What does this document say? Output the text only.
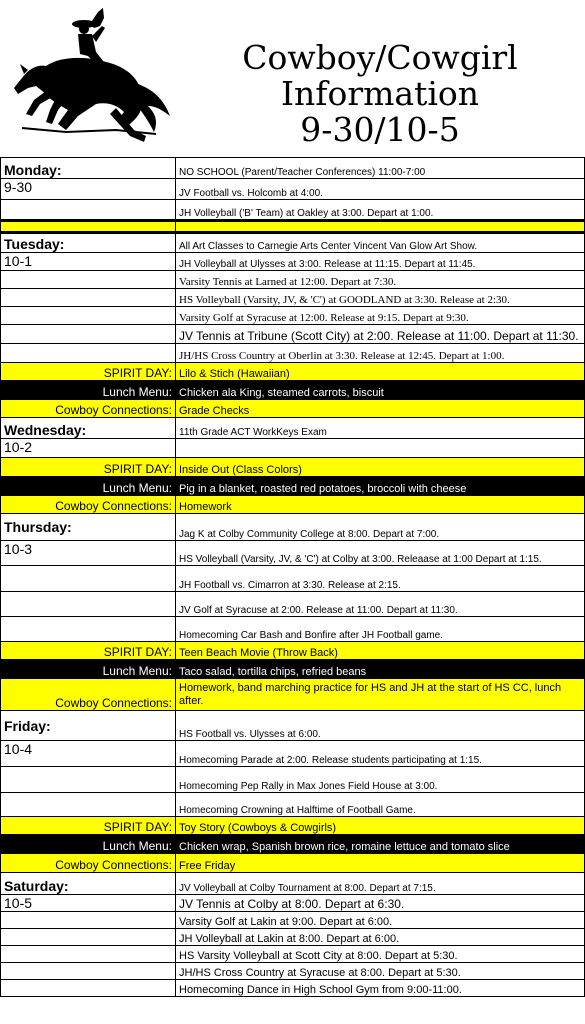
Cowboy/Cowgirl
Information
9-30/10-5
Monday:	NO SCHOOL (Parent/Teacher Conferences) 11:00-7:00
9-30	JV Football vs. Holcomb at 4:00.
	JH Volleyball ('B' Team) at Oakley at 3:00. Depart at 1:00.

Tuesday:	All Art Classes to Carnegie Arts Center Vincent Van Glow Art Show.
10-1	JH Volleyball at Ulysses at 3:00. Release at 11:15. Depart at 11:45.
	Varsity Tennis at Larned at 12:00. Depart at 7:30.
	HS Volleyball (Varsity, JV, & 'C') at GOODLAND at 3:30. Release at 2:30.
	Varsity Golf at Syracuse at 12:00. Release at 9:15. Depart at 9:30.
	JV Tennis at Tribune (Scott City) at 2:00. Release at 11:00. Depart at 11:30.
	JH/HS Cross Country at Oberlin at 3:30. Release at 12:45. Depart at 1:00.
SPIRIT DAY:	Lilo & Stich (Hawaiian)
Lunch Menu:	Chicken ala King, steamed carrots, biscuit
Cowboy Connections:	Grade Checks
Wednesday:	11th Grade ACT WorkKeys Exam
10-2	
SPIRIT DAY:	Inside Out (Class Colors)
Lunch Menu:	Pig in a blanket, roasted red potatoes, broccoli with cheese
Cowboy Connections:	Homework
Thursday:	Jag K at Colby Community College at 8:00. Depart at 7:00.
10-3	HS Volleyball (Varsity, JV, & 'C') at Colby at 3:00. Releaase at 1:00 Depart at 1:15.
	JH Football vs. Cimarron at 3:30. Release at 2:15.
	JV Golf at Syracuse at 2:00. Release at 11:00. Depart at 11:30.
	Homecoming Car Bash and Bonfire after JH Football game.
SPIRIT DAY:	Teen Beach Movie (Throw Back)
Lunch Menu:	Taco salad, tortilla chips, refried beans
Cowboy Connections:	Homework, band marching practice for HS and JH at the start of HS CC, lunch after.
Friday:	HS Football vs. Ulysses at 6:00.
10-4	Homecoming Parade at 2:00. Release students participating at 1:15.
	Homecoming Pep Rally in Max Jones Field House at 3:00.
	Homecoming Crowning at Halftime of Football Game.
SPIRIT DAY:	Toy Story (Cowboys & Cowgirls)
Lunch Menu:	Chicken wrap, Spanish brown rice, romaine lettuce and tomato slice
Cowboy Connections:	Free Friday
Saturday:	JV Volleyball at Colby Tournament at 8:00. Depart at 7:15.
10-5	JV Tennis at Colby at 8:00. Depart at 6:30.
	Varsity Golf at Lakin at 9:00. Depart at 6:00.
	JH Volleyball at Lakin at 8:00. Depart at 6:00.
	HS Varsity Volleyball at Scott City at 8:00. Depart at 5:30.
	JH/HS Cross Country at Syracuse at 8:00. Depart at 5:30.
	Homecoming Dance in High School Gym from 9:00-11:00.
